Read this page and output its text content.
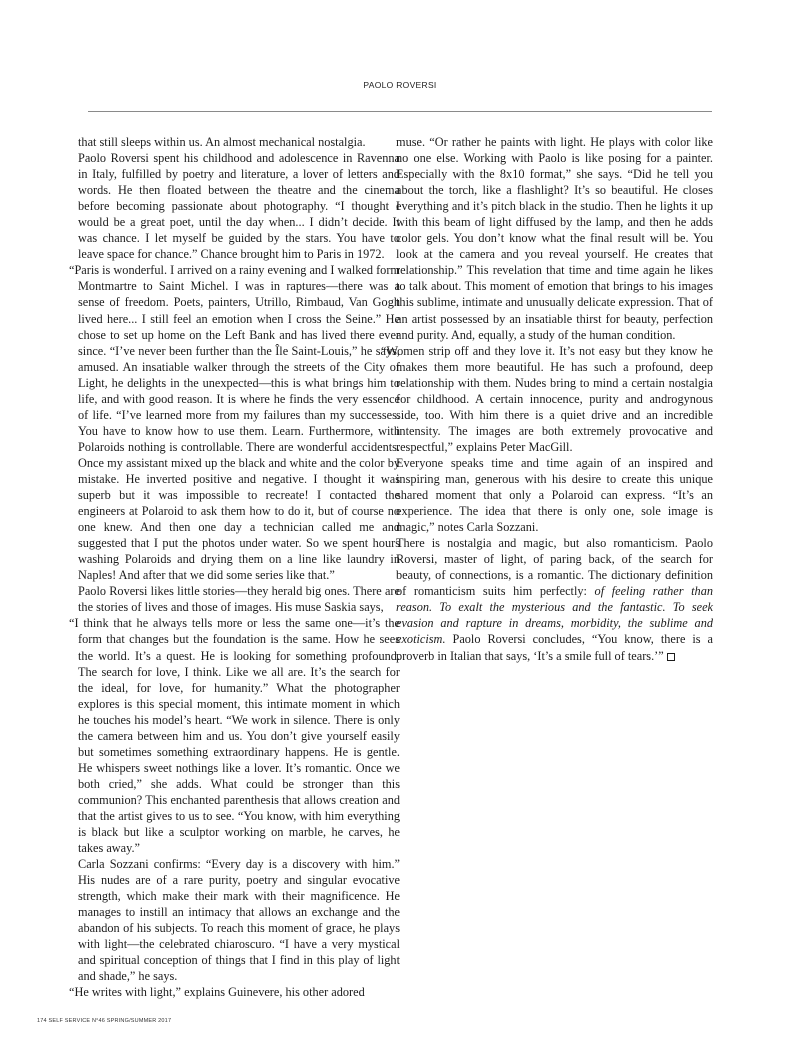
PAOLO ROVERSI

that still sleeps within us. An almost mechanical nostalgia.

Paolo Roversi spent his childhood and adolescence in Ravenna in Italy, fulfilled by poetry and literature, a lover of letters and words. He then floated between the theatre and the cinema before becoming passionate about photography. “I thought I would be a great poet, until the day when... I didn’t decide. It was chance. I let myself be guided by the stars. You have to leave space for chance.” Chance brought him to Paris in 1972.

“Paris is wonderful. I arrived on a rainy evening and I walked form Montmartre to Saint Michel. I was in raptures—there was a sense of freedom. Poets, painters, Utrillo, Rimbaud, Van Gogh lived here... I still feel an emotion when I cross the Seine.” He chose to set up home on the Left Bank and has lived there ever since. “I’ve never been further than the Île Saint-Louis,” he says, amused. An insatiable walker through the streets of the City of Light, he delights in the unexpected—this is what brings him to life, and with good reason. It is where he finds the very essence of life. “I’ve learned more from my failures than my successes. You have to know how to use them. Learn. Furthermore, with Polaroids nothing is controllable. There are wonderful accidents. Once my assistant mixed up the black and white and the color by mistake. He inverted positive and negative. I thought it was superb but it was impossible to recreate! I contacted the engineers at Polaroid to ask them how to do it, but of course no one knew. And then one day a technician called me and suggested that I put the photos under water. So we spent hours washing Polaroids and drying them on a line like laundry in Naples! And after that we did some series like that.”

Paolo Roversi likes little stories—they herald big ones. There are the stories of lives and those of images. His muse Saskia says,

“I think that he always tells more or less the same one—it’s the form that changes but the foundation is the same. How he sees the world. It’s a quest. He is looking for something profound. The search for love, I think. Like we all are. It’s the search for the ideal, for love, for humanity.” What the photographer explores is this special moment, this intimate moment in which he touches his model’s heart. “We work in silence. There is only the camera between him and us. You don’t give yourself easily but sometimes something extraordinary happens. He is gentle. He whispers sweet nothings like a lover. It’s romantic. Once we both cried,” she adds. What could be stronger than this communion? This enchanted parenthesis that allows creation and that the artist gives to us to see. “You know, with him everything is black but like a sculptor working on marble, he carves, he takes away.”

Carla Sozzani confirms: “Every day is a discovery with him.” His nudes are of a rare purity, poetry and singular evocative strength, which make their mark with their magnificence. He manages to instill an intimacy that allows an exchange and the abandon of his subjects. To reach this moment of grace, he plays with light—the celebrated chiaroscuro. “I have a very mystical and spiritual conception of things that I find in this play of light and shade,” he says.

“He writes with light,” explains Guinevere, his other adored

muse. “Or rather he paints with light. He plays with color like no one else. Working with Paolo is like posing for a painter. Especially with the 8x10 format,” she says. “Did he tell you about the torch, like a flashlight? It’s so beautiful. He closes everything and it’s pitch black in the studio. Then he lights it up with this beam of light diffused by the lamp, and then he adds color gels. You don’t know what the final result will be. You look at the camera and you reveal yourself. He creates that relationship.” This revelation that time and time again he likes to talk about. This moment of emotion that brings to his images this sublime, intimate and unusually delicate expression. That of an artist possessed by an insatiable thirst for beauty, perfection and purity. And, equally, a study of the human condition.

“Women strip off and they love it. It’s not easy but they know he makes them more beautiful. He has such a profound, deep relationship with them. Nudes bring to mind a certain nostalgia for childhood. A certain innocence, purity and androgynous side, too. With him there is a quiet drive and an incredible intensity. The images are both extremely provocative and respectful,” explains Peter MacGill.

Everyone speaks time and time again of an inspired and inspiring man, generous with his desire to create this unique shared moment that only a Polaroid can express. “It’s an experience. The idea that there is only one, sole image is magic,” notes Carla Sozzani.

There is nostalgia and magic, but also romanticism. Paolo Roversi, master of light, of paring back, of the search for beauty, of connections, is a romantic. The dictionary definition of romanticism suits him perfectly: of feeling rather than reason. To exalt the mysterious and the fantastic. To seek evasion and rapture in dreams, morbidity, the sublime and exoticism. Paolo Roversi concludes, “You know, there is a proverb in Italian that says, ‘It’s a smile full of tears.’”

174 SELF SERVICE N°46 SPRING/SUMMER 2017
